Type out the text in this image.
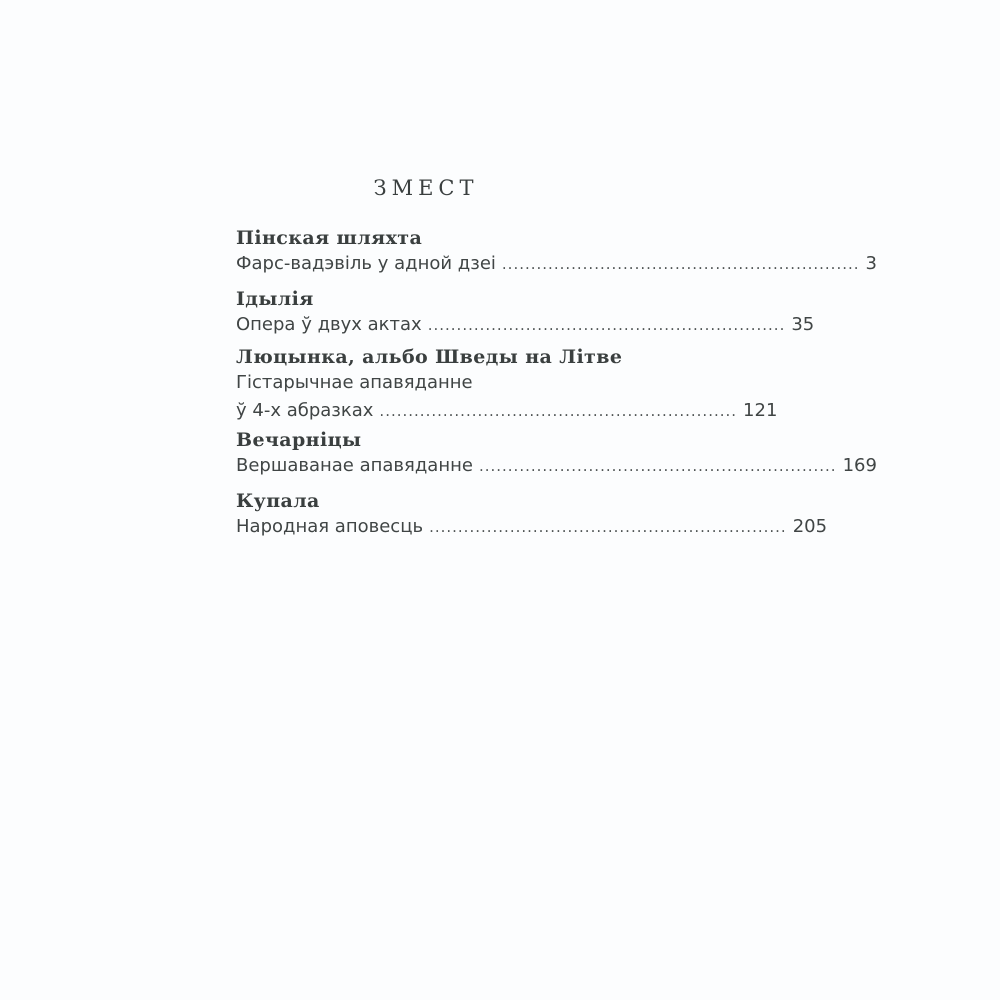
ЗМЕСТ
Пінская шляхта
Фарс-вадэвіль у адной дзеі .............................................................. 3
Ідылія
Опера ў двух актах .............................................................. 35
Люцынка, альбо Шведы на Літве
Гістарычнае апавяданне
ў 4-х абразках .............................................................. 121
Вечарніцы
Вершаванае апавяданне .............................................................. 169
Купала
Народная аповесць .............................................................. 205
